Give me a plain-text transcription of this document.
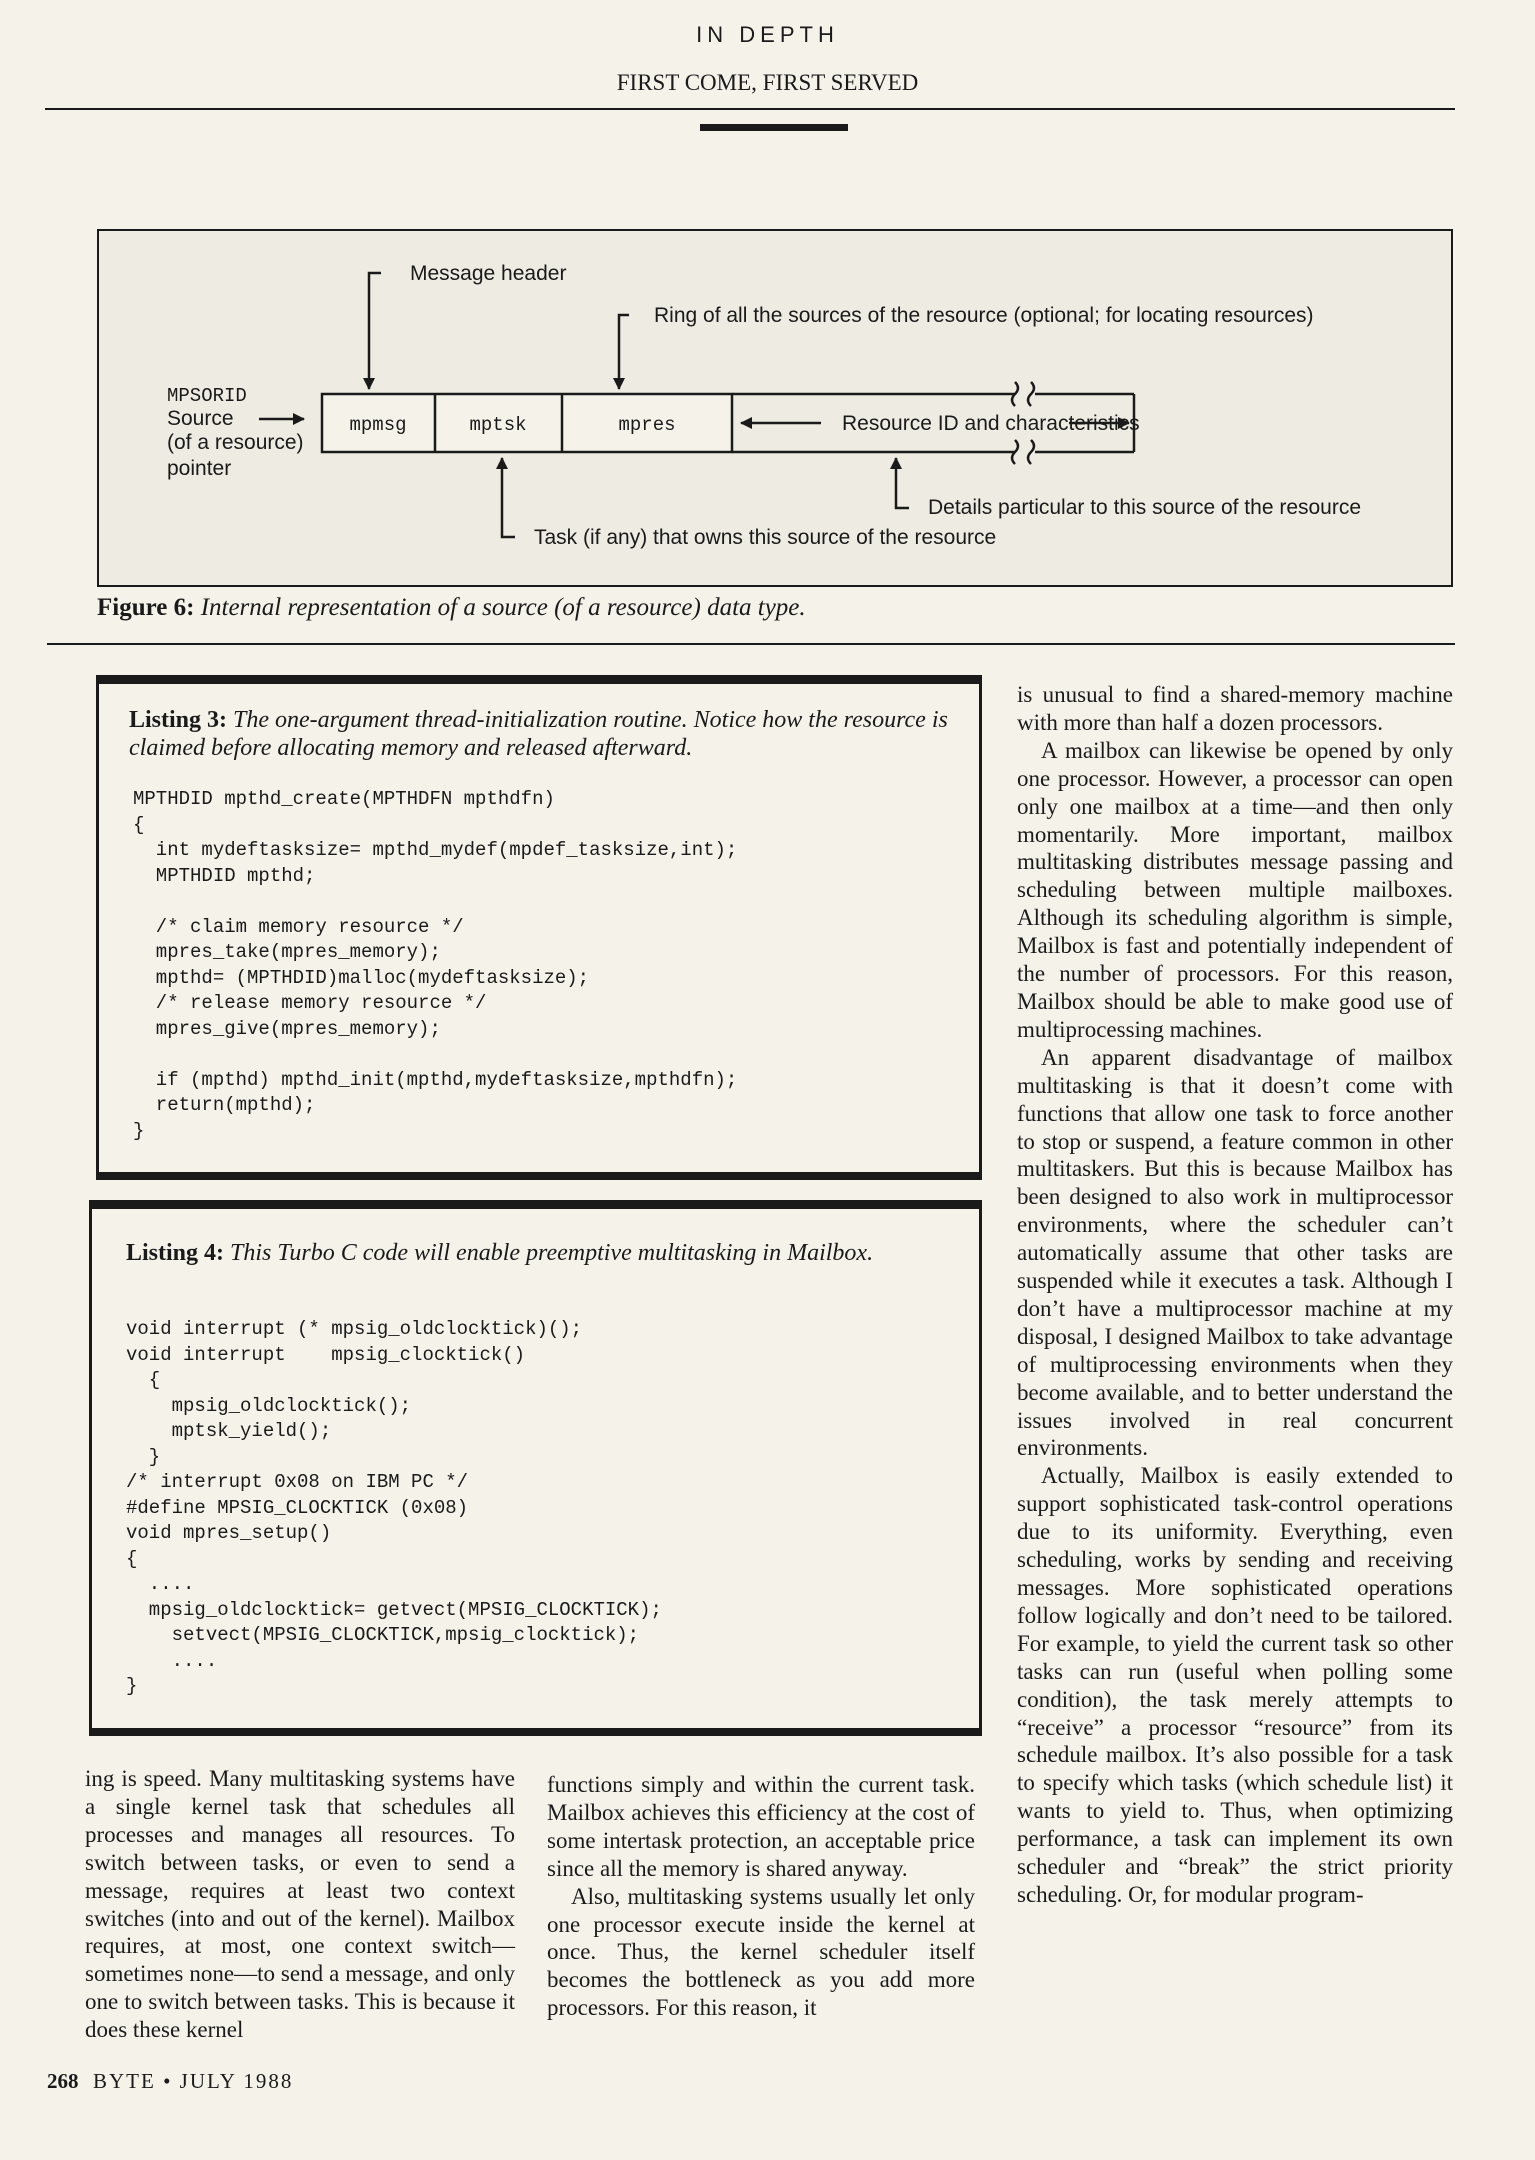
IN DEPTH
FIRST COME, FIRST SERVED
MPSORID
Source (of a resource) pointer
mpmsg	mptsk	mpres
Message header
Ring of all the sources of the resource (optional; for locating resources)
Resource ID and characteristics
Details particular to this source of the resource
Task (if any) that owns this source of the resource
Figure 6: Internal representation of a source (of a resource) data type.

Listing 3: The one-argument thread-initialization routine. Notice how the resource is claimed before allocating memory and released afterward.

MPTHDID mpthd_create(MPTHDFN mpthdfn)
{
int mydeftasksize= mpthd_mydef(mpdef_tasksize,int);
MPTHDID mpthd;

/* claim memory resource */
mpres_take(mpres_memory);
mpthd= (MPTHDID)malloc(mydeftasksize);
/* release memory resource */
mpres_give(mpres_memory);

if (mpthd) mpthd_init(mpthd,mydeftasksize,mpthdfn);
return(mpthd);
}

Listing 4: This Turbo C code will enable preemptive multitasking in Mailbox.

void interrupt (* mpsig_oldclocktick)();
void interrupt    mpsig_clocktick()
{
mpsig_oldclocktick();
mptsk_yield();
}
/* interrupt 0x08 on IBM PC */
#define MPSIG_CLOCKTICK (0x08)
void mpres_setup()
{
....
mpsig_oldclocktick= getvect(MPSIG_CLOCKTICK);
setvect(MPSIG_CLOCKTICK,mpsig_clocktick);
....
}

ing is speed. Many multitasking systems have a single kernel task that schedules all processes and manages all resources. To switch between tasks, or even to send a message, requires at least two context switches (into and out of the kernel). Mailbox requires, at most, one context switch—sometimes none—to send a message, and only one to switch between tasks. This is because it does these kernel

functions simply and within the current task. Mailbox achieves this efficiency at the cost of some intertask protection, an acceptable price since all the memory is shared anyway.

Also, multitasking systems usually let only one processor execute inside the kernel at once. Thus, the kernel scheduler itself becomes the bottleneck as you add more processors. For this reason, it

is unusual to find a shared-memory machine with more than half a dozen processors.

A mailbox can likewise be opened by only one processor. However, a processor can open only one mailbox at a time—and then only momentarily. More important, mailbox multitasking distributes message passing and scheduling between multiple mailboxes. Although its scheduling algorithm is simple, Mailbox is fast and potentially independent of the number of processors. For this reason, Mailbox should be able to make good use of multiprocessing machines.

An apparent disadvantage of mailbox multitasking is that it doesn’t come with functions that allow one task to force another to stop or suspend, a feature common in other multitaskers. But this is because Mailbox has been designed to also work in multiprocessor environments, where the scheduler can’t automatically assume that other tasks are suspended while it executes a task. Although I don’t have a multiprocessor machine at my disposal, I designed Mailbox to take advantage of multiprocessing environments when they become available, and to better understand the issues involved in real concurrent environments.

Actually, Mailbox is easily extended to support sophisticated task-control operations due to its uniformity. Everything, even scheduling, works by sending and receiving messages. More sophisticated operations follow logically and don’t need to be tailored. For example, to yield the current task so other tasks can run (useful when polling some condition), the task merely attempts to “receive” a processor “resource” from its schedule mailbox. It’s also possible for a task to specify which tasks (which schedule list) it wants to yield to. Thus, when optimizing performance, a task can implement its own scheduler and “break” the strict priority scheduling. Or, for modular program-

268 BYTE • JULY 1988
